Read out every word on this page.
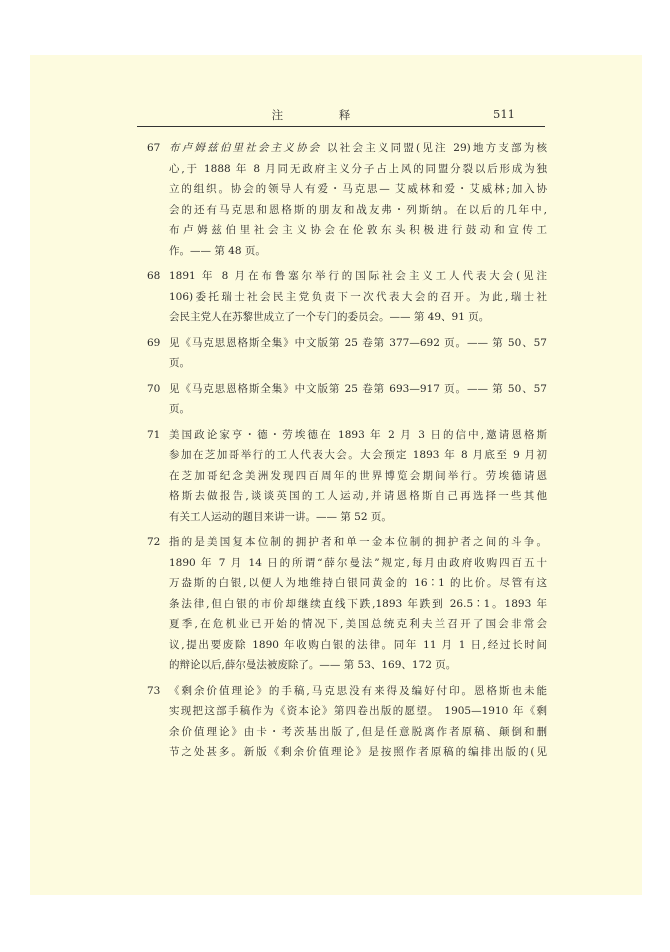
注 释	511
67 布卢姆兹伯里社会主义协会 以社会主义同盟(见注 29)地方支部为核
心,于 1888 年 8 月同无政府主义分子占上风的同盟分裂以后形成为独
立的组织。协会的领导人有爱・马克思— 艾威林和爱・艾威林;加入协
会的还有马克思和恩格斯的朋友和战友弗・列斯纳。在以后的几年中,
布卢姆兹伯里社会主义协会在伦敦东头积极进行鼓动和宣传工
作。—— 第 48 页。
68 1891 年 8 月在布鲁塞尔举行的国际社会主义工人代表大会(见注
106)委托瑞士社会民主党负责下一次代表大会的召开。为此,瑞士社
会民主党人在苏黎世成立了一个专门的委员会。—— 第 49、91 页。
69 见《马克思恩格斯全集》中文版第 25 卷第 377—692 页。—— 第 50、57
页。
70 见《马克思恩格斯全集》中文版第 25 卷第 693—917 页。—— 第 50、57
页。
71 美国政论家亨・德・劳埃德在 1893 年 2 月 3 日的信中,邀请恩格斯
参加在芝加哥举行的工人代表大会。大会预定 1893 年 8 月底至 9 月初
在芝加哥纪念美洲发现四百周年的世界博览会期间举行。劳埃德请恩
格斯去做报告,谈谈英国的工人运动,并请恩格斯自己再选择一些其他
有关工人运动的题目来讲一讲。—— 第 52 页。
72 指的是美国复本位制的拥护者和单一金本位制的拥护者之间的斗争。
1890 年 7 月 14 日的所谓“薛尔曼法”规定,每月由政府收购四百五十
万盎斯的白银,以便人为地维持白银同黄金的 16∶1 的比价。尽管有这
条法律,但白银的市价却继续直线下跌,1893 年跌到 26.5∶1。1893 年
夏季,在危机业已开始的情况下,美国总统克利夫兰召开了国会非常会
议,提出要废除 1890 年收购白银的法律。同年 11 月 1 日,经过长时间
的辩论以后,薛尔曼法被废除了。—— 第 53、169、172 页。
73 《剩余价值理论》的手稿,马克思没有来得及编好付印。恩格斯也未能
实现把这部手稿作为《资本论》第四卷出版的愿望。 1905—1910 年《剩
余价值理论》由卡・考茨基出版了,但是任意脱离作者原稿、颠倒和删
节之处甚多。新版《剩余价值理论》是按照作者原稿的编排出版的(见
